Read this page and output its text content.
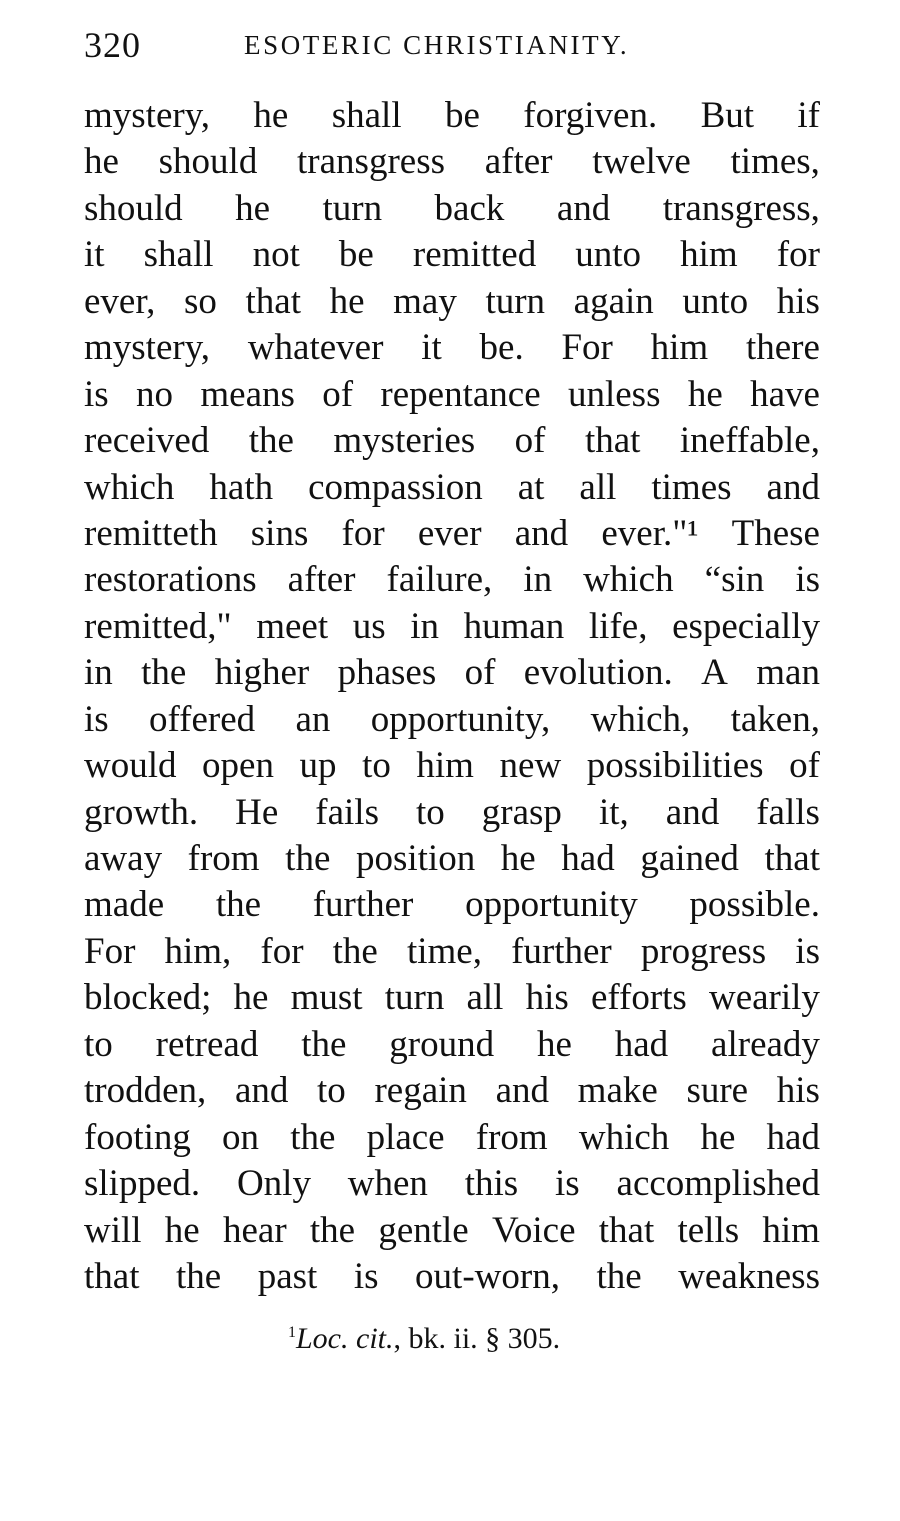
320	ESOTERIC CHRISTIANITY.
mystery, he shall be forgiven. But if
he should transgress after twelve times,
should he turn back and transgress,
it shall not be remitted unto him for
ever, so that he may turn again unto his
mystery, whatever it be. For him there
is no means of repentance unless he have
received the mysteries of that ineffable,
which hath compassion at all times and
remitteth sins for ever and ever."¹ These
restorations after failure, in which “sin is
remitted," meet us in human life, especially
in the higher phases of evolution. A man
is offered an opportunity, which, taken,
would open up to him new possibilities of
growth. He fails to grasp it, and falls
away from the position he had gained that
made the further opportunity possible.
For him, for the time, further progress is
blocked; he must turn all his efforts wearily
to retread the ground he had already
trodden, and to regain and make sure his
footing on the place from which he had
slipped. Only when this is accomplished
will he hear the gentle Voice that tells him
that the past is out-worn, the weakness
$^1$Loc. cit., bk. ii. § 305.
